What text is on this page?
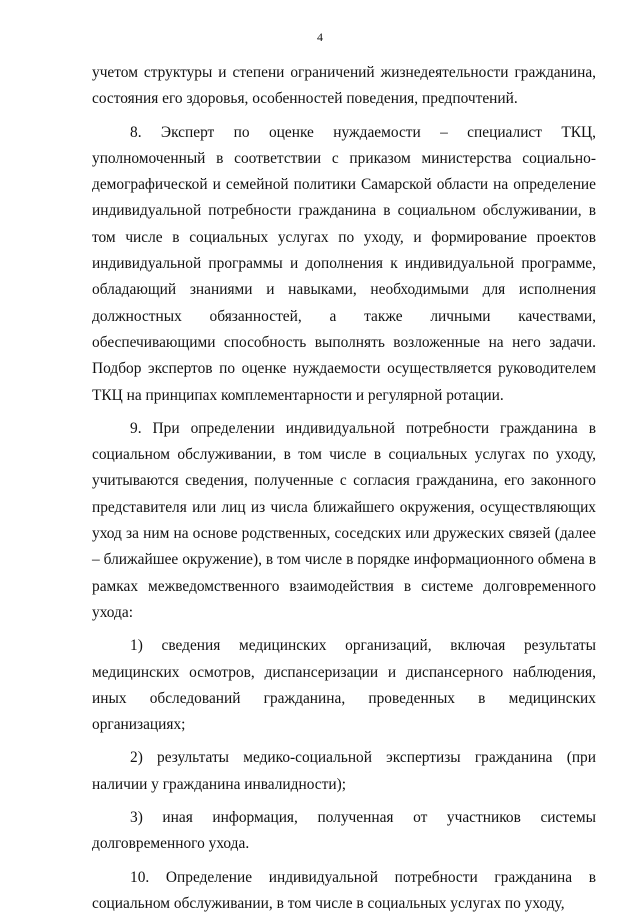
4

учетом структуры и степени ограничений жизнедеятельности гражданина, состояния его здоровья, особенностей поведения, предпочтений.

8. Эксперт по оценке нуждаемости – специалист ТКЦ, уполномоченный в соответствии с приказом министерства социально-демографической и семейной политики Самарской области на определение индивидуальной потребности гражданина в социальном обслуживании, в том числе в социальных услугах по уходу, и формирование проектов индивидуальной программы и дополнения к индивидуальной программе, обладающий знаниями и навыками, необходимыми для исполнения должностных обязанностей, а также личными качествами, обеспечивающими способность выполнять возложенные на него задачи. Подбор экспертов по оценке нуждаемости осуществляется руководителем ТКЦ на принципах комплементарности и регулярной ротации.

9. При определении индивидуальной потребности гражданина в социальном обслуживании, в том числе в социальных услугах по уходу, учитываются сведения, полученные с согласия гражданина, его законного представителя или лиц из числа ближайшего окружения, осуществляющих уход за ним на основе родственных, соседских или дружеских связей (далее – ближайшее окружение), в том числе в порядке информационного обмена в рамках межведомственного взаимодействия в системе долговременного ухода:

1) сведения медицинских организаций, включая результаты медицинских осмотров, диспансеризации и диспансерного наблюдения, иных обследований гражданина, проведенных в медицинских организациях;

2) результаты медико-социальной экспертизы гражданина (при наличии у гражданина инвалидности);

3) иная информация, полученная от участников системы долговременного ухода.

10. Определение индивидуальной потребности гражданина в социальном обслуживании, в том числе в социальных услугах по уходу,
